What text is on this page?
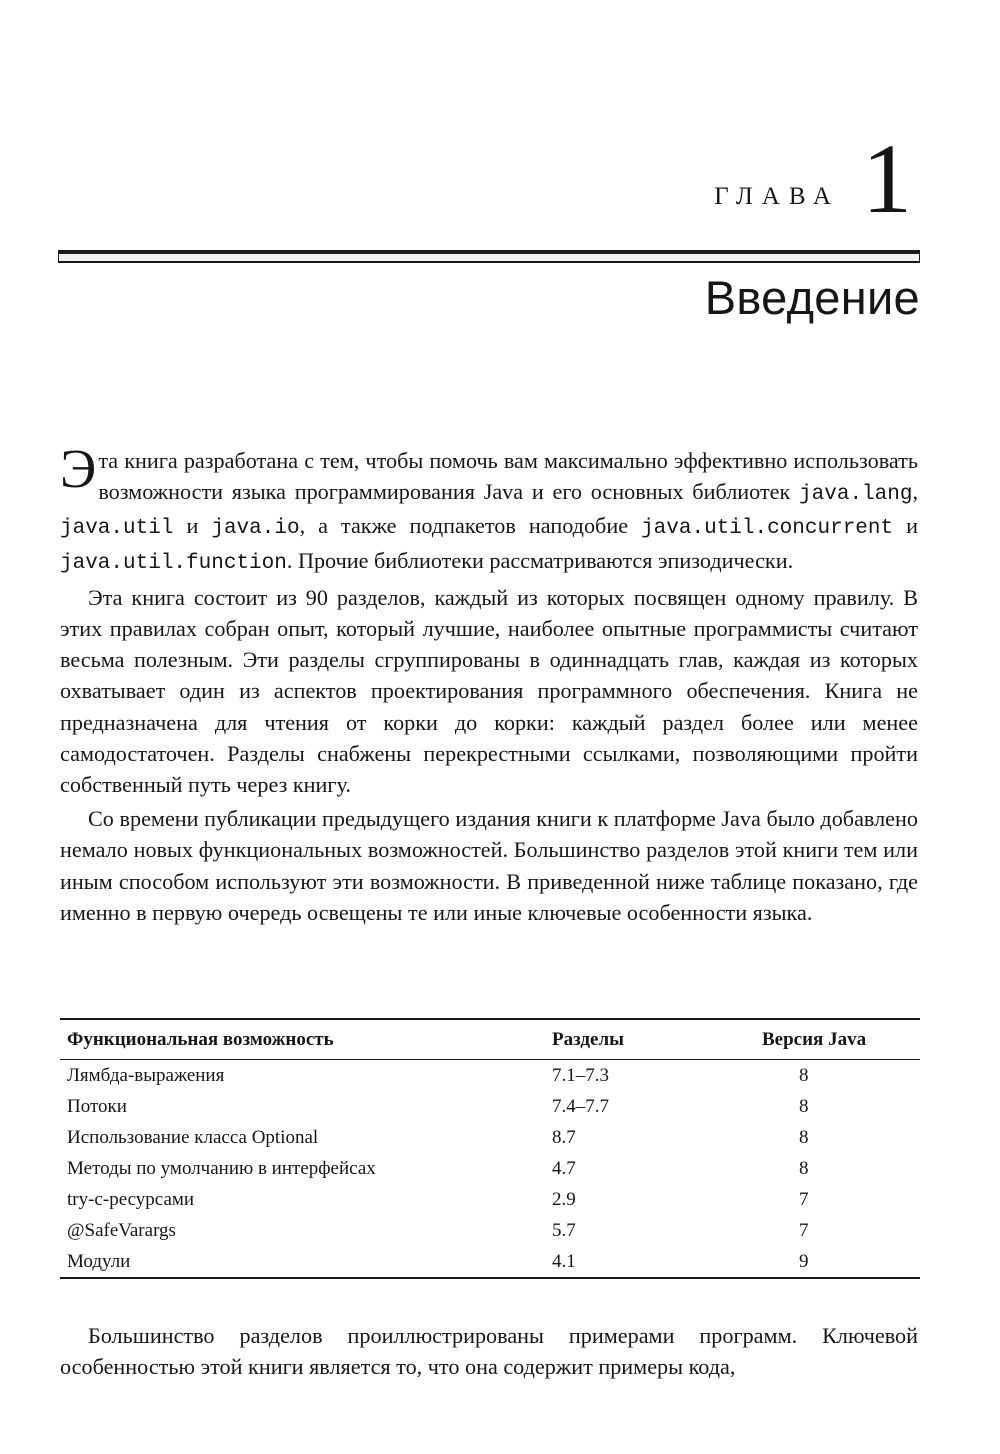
ГЛАВА 1
Введение

Эта книга разработана с тем, чтобы помочь вам максимально эффективно использовать возможности языка программирования Java и его основных библиотек java.lang, java.util и java.io, а также подпакетов наподобие java.util.concurrent и java.util.function. Прочие библиотеки рассматриваются эпизодически.

Эта книга состоит из 90 разделов, каждый из которых посвящен одному правилу. В этих правилах собран опыт, который лучшие, наиболее опытные программисты считают весьма полезным. Эти разделы сгруппированы в одиннадцать глав, каждая из которых охватывает один из аспектов проектирования программного обеспечения. Книга не предназначена для чтения от корки до корки: каждый раздел более или менее самодостаточен. Разделы снабжены перекрестными ссылками, позволяющими пройти собственный путь через книгу.

Со времени публикации предыдущего издания книги к платформе Java было добавлено немало новых функциональных возможностей. Большинство разделов этой книги тем или иным способом используют эти возможности. В приведенной ниже таблице показано, где именно в первую очередь освещены те или иные ключевые особенности языка.

Функциональная возможность	Разделы	Версия Java
Лямбда-выражения	7.1–7.3	8
Потоки	7.4–7.7	8
Использование класса Optional	8.7	8
Методы по умолчанию в интерфейсах	4.7	8
try-с-ресурсами	2.9	7
@SafeVarargs	5.7	7
Модули	4.1	9

Большинство разделов проиллюстрированы примерами программ. Ключевой особенностью этой книги является то, что она содержит примеры кода,
